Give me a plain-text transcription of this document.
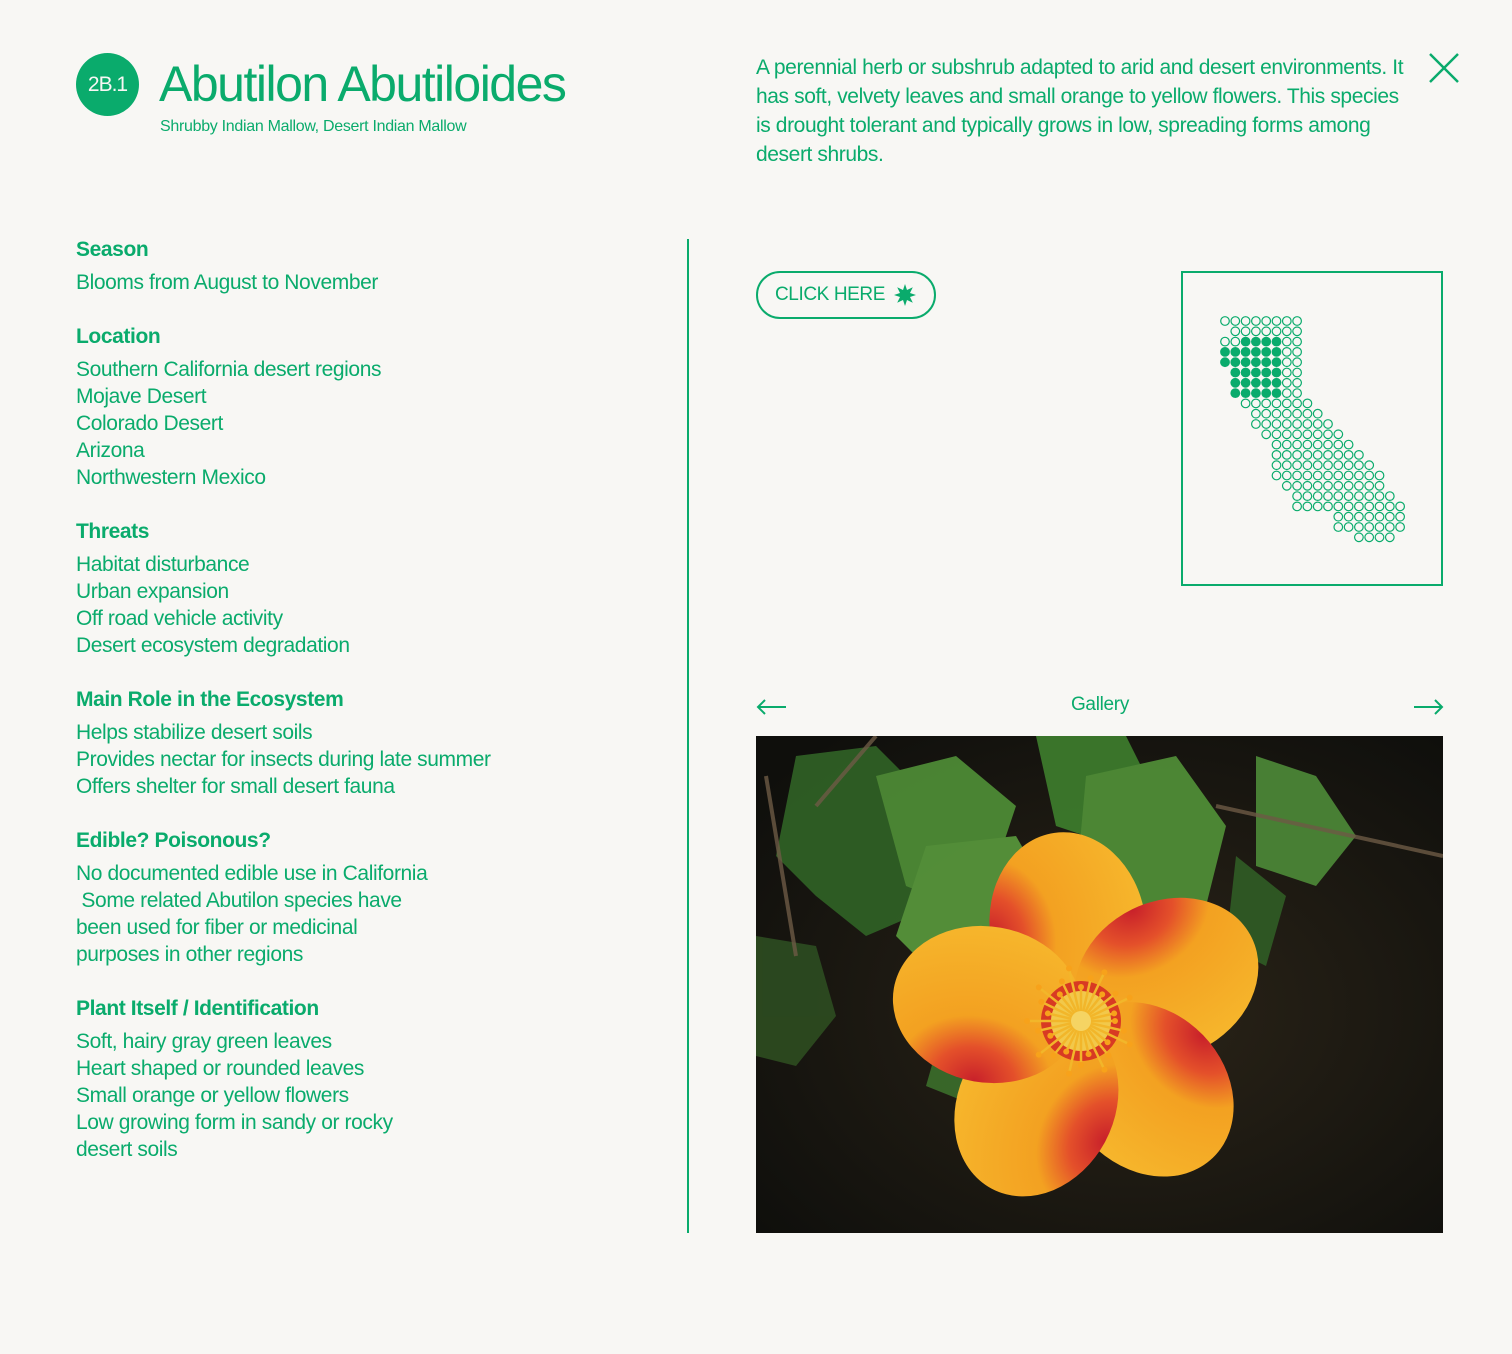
2B.1 Abutilon Abutiloides
Shrubby Indian Mallow, Desert Indian Mallow

A perennial herb or subshrub adapted to arid and desert environments. It has soft, velvety leaves and small orange to yellow flowers. This species is drought tolerant and typically grows in low, spreading forms among desert shrubs.

Season
Blooms from August to November
Location
Southern California desert regions
Mojave Desert
Colorado Desert
Arizona
Northwestern Mexico
Threats
Habitat disturbance
Urban expansion
Off road vehicle activity
Desert ecosystem degradation
Main Role in the Ecosystem
Helps stabilize desert soils
Provides nectar for insects during late summer
Offers shelter for small desert fauna
Edible? Poisonous?
No documented edible use in California
Some related Abutilon species have
been used for fiber or medicinal
purposes in other regions
Plant Itself / Identification
Soft, hairy gray green leaves
Heart shaped or rounded leaves
Small orange or yellow flowers
Low growing form in sandy or rocky
desert soils
CLICK HERE
Gallery
